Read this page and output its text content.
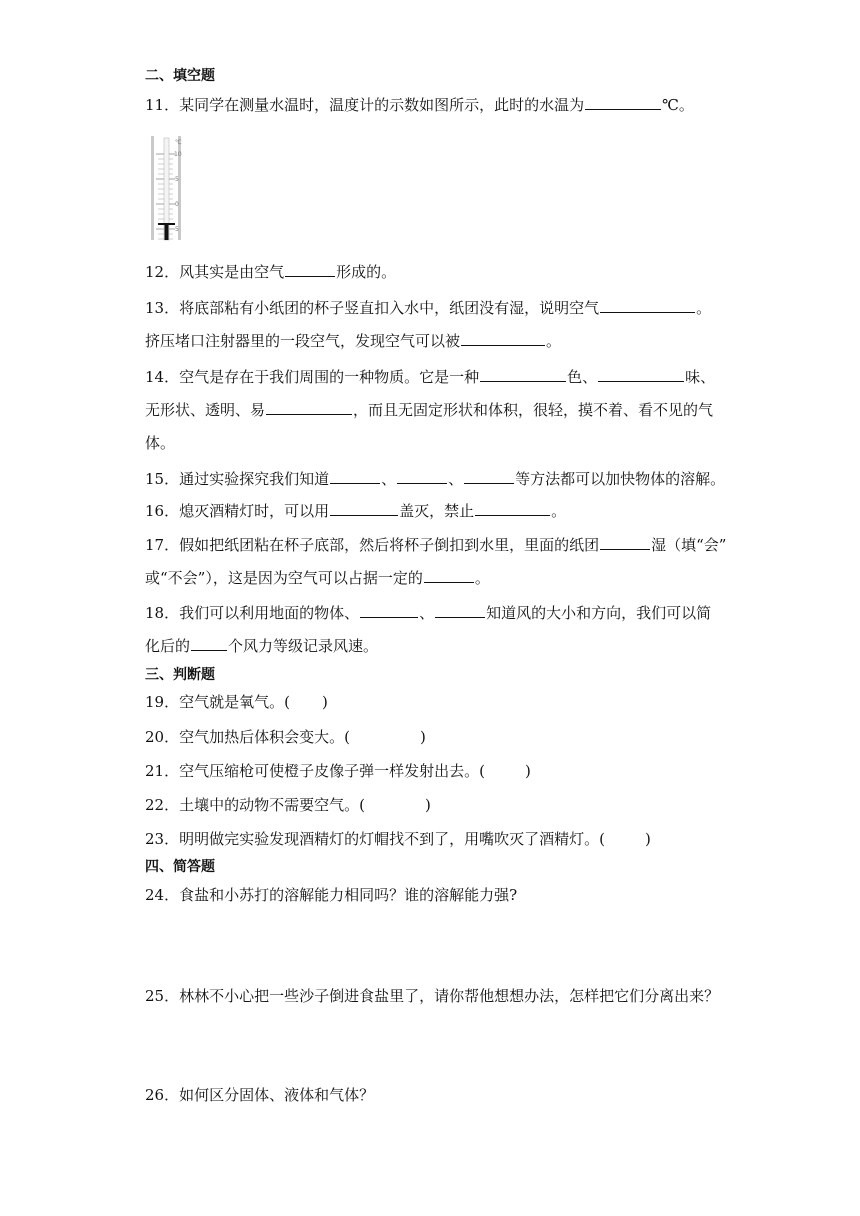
二、填空题
11．某同学在测量水温时，温度计的示数如图所示，此时的水温为	℃。
℃
10
5
0
5
12．风其实是由空气	形成的。
13．将底部粘有小纸团的杯子竖直扣入水中，纸团没有湿，说明空气	。
挤压堵口注射器里的一段空气，发现空气可以被	。
14．空气是存在于我们周围的一种物质。它是一种	色、	味、
无形状、透明、易	，而且无固定形状和体积，很轻，摸不着、看不见的气
体。
15．通过实验探究我们知道	、	、	等方法都可以加快物体的溶解。
16．熄灭酒精灯时，可以用	盖灭，禁止	。
17．假如把纸团粘在杯子底部，然后将杯子倒扣到水里，里面的纸团	湿（填“会”
或“不会”），这是因为空气可以占据一定的	。
18．我们可以利用地面的物体、	、	知道风的大小和方向，我们可以简
化后的	个风力等级记录风速。
三、判断题
19．空气就是氧气。( )
20．空气加热后体积会变大。(	)
21．空气压缩枪可使橙子皮像子弹一样发射出去。(	)
22．土壤中的动物不需要空气。(	)
23．明明做完实验发现酒精灯的灯帽找不到了，用嘴吹灭了酒精灯。(	)
四、简答题
24．食盐和小苏打的溶解能力相同吗？谁的溶解能力强?
25．林林不小心把一些沙子倒进食盐里了，请你帮他想想办法，怎样把它们分离出来？
26．如何区分固体、液体和气体？
